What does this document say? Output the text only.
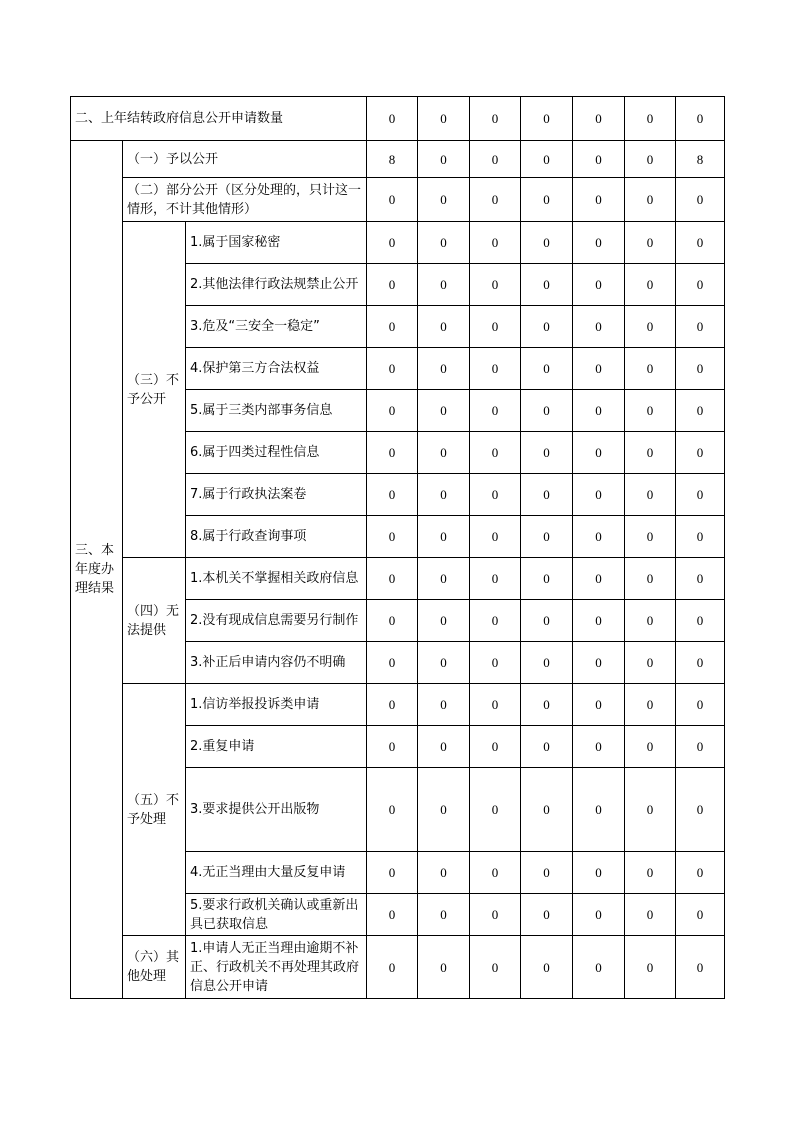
二、上年结转政府信息公开申请数量			0	0	0	0	0	0	0
三、本年度办理结果	（一）予以公开		8	0	0	0	0	0	8
	（二）部分公开（区分处理的，只计这一情形，不计其他情形）		0	0	0	0	0	0	0
	（三）不予公开	1.属于国家秘密	0	0	0	0	0	0	0
		2.其他法律行政法规禁止公开	0	0	0	0	0	0	0
		3.危及“三安全一稳定”	0	0	0	0	0	0	0
		4.保护第三方合法权益	0	0	0	0	0	0	0
		5.属于三类内部事务信息	0	0	0	0	0	0	0
		6.属于四类过程性信息	0	0	0	0	0	0	0
		7.属于行政执法案卷	0	0	0	0	0	0	0
		8.属于行政查询事项	0	0	0	0	0	0	0
	（四）无法提供	1.本机关不掌握相关政府信息	0	0	0	0	0	0	0
		2.没有现成信息需要另行制作	0	0	0	0	0	0	0
		3.补正后申请内容仍不明确	0	0	0	0	0	0	0
	（五）不予处理	1.信访举报投诉类申请	0	0	0	0	0	0	0
		2.重复申请	0	0	0	0	0	0	0
		3.要求提供公开出版物	0	0	0	0	0	0	0
		4.无正当理由大量反复申请	0	0	0	0	0	0	0
		5.要求行政机关确认或重新出具已获取信息	0	0	0	0	0	0	0
	（六）其他处理	1.申请人无正当理由逾期不补正、行政机关不再处理其政府信息公开申请	0	0	0	0	0	0	0
